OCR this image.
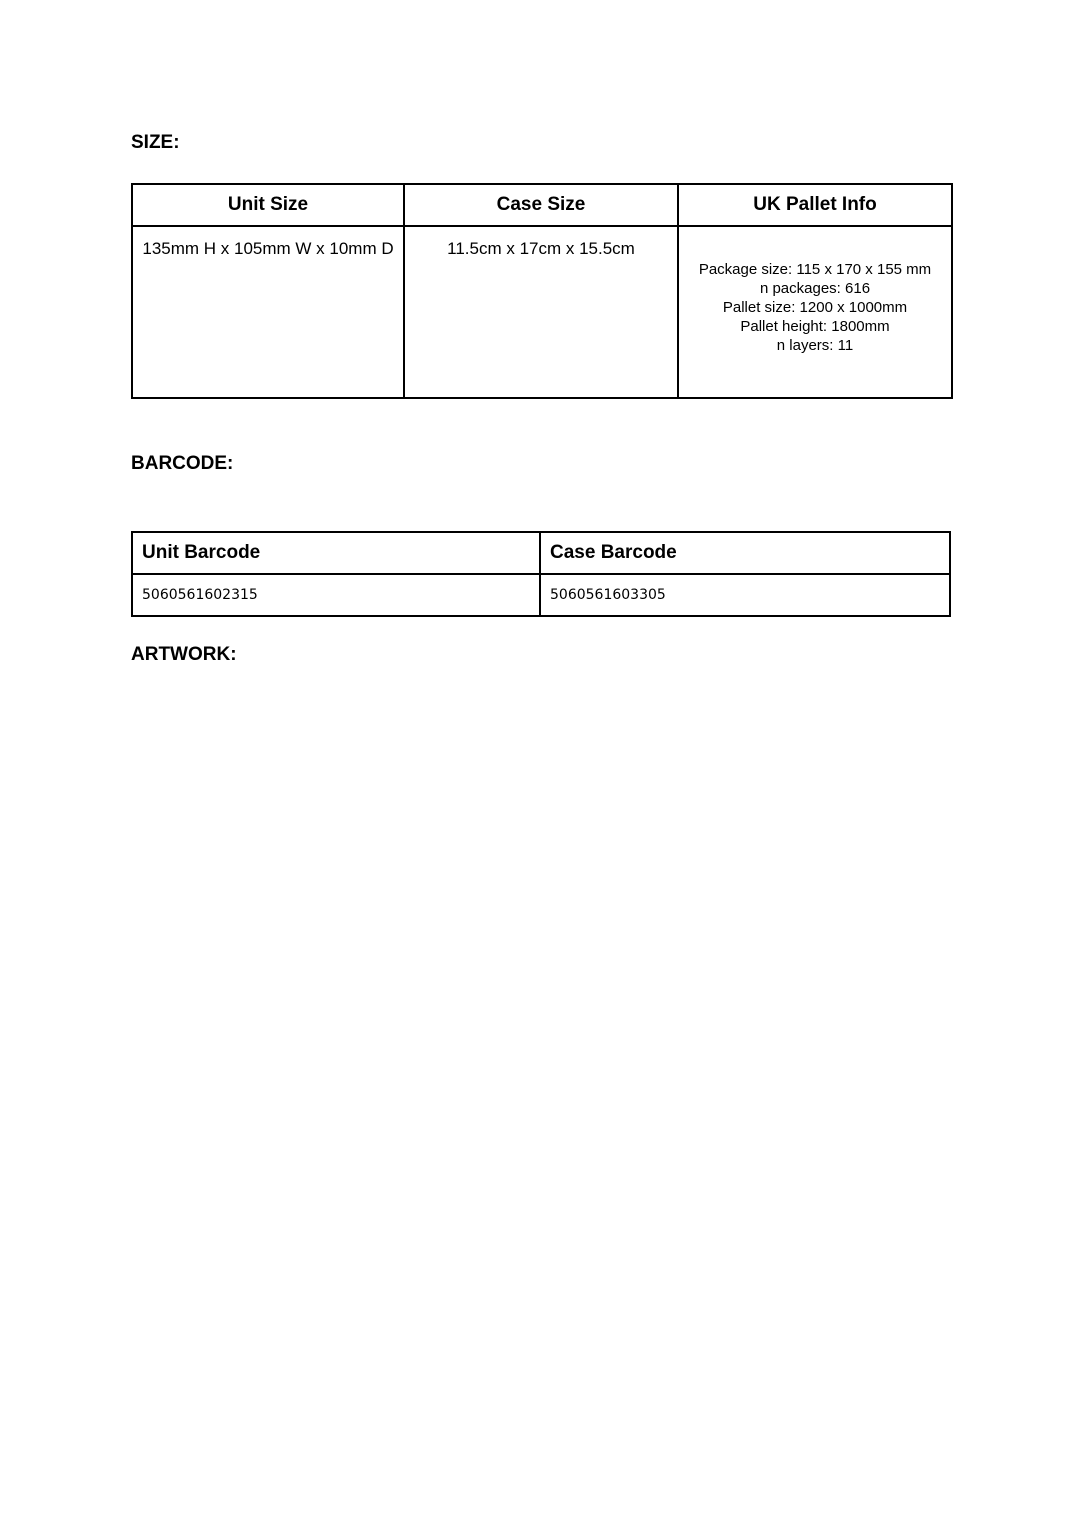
SIZE:
Unit Size	Case Size	UK Pallet Info

135mm H x 105mm W x 10mm D	11.5cm x 17cm x 15.5cm	Package size: 115 x 170 x 155 mm
n packages: 616
Pallet size: 1200 x 1000mm
Pallet height: 1800mm
n layers: 11
BARCODE:
Unit Barcode	Case Barcode
5060561602315	5060561603305
ARTWORK:
